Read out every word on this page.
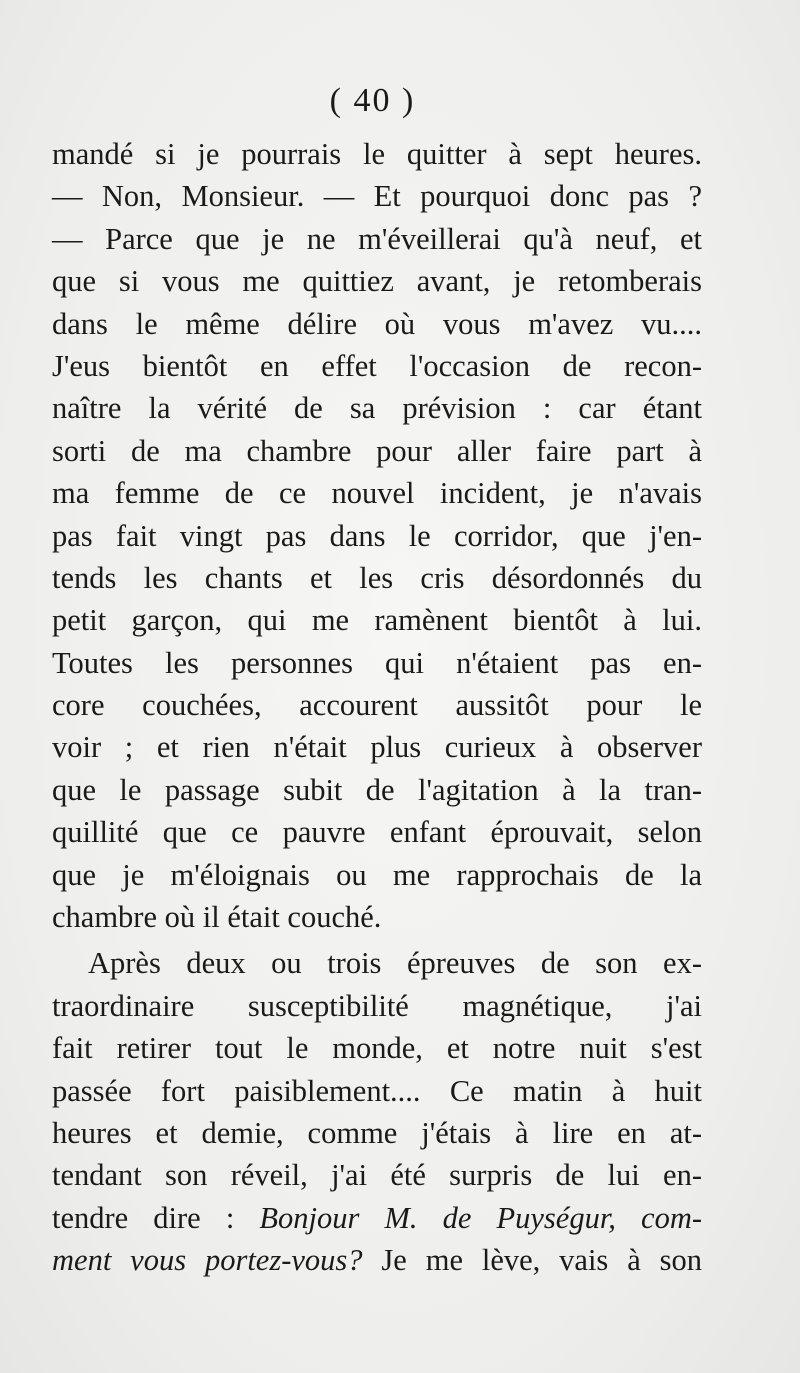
( 40 )
mandé si je pourrais le quitter à sept heures.
— Non, Monsieur. — Et pourquoi donc pas ?
— Parce que je ne m'éveillerai qu'à neuf, et
que si vous me quittiez avant, je retomberais
dans le même délire où vous m'avez vu....
J'eus bientôt en effet l'occasion de recon-
naître la vérité de sa prévision : car étant
sorti de ma chambre pour aller faire part à
ma femme de ce nouvel incident, je n'avais
pas fait vingt pas dans le corridor, que j'en-
tends les chants et les cris désordonnés du
petit garçon, qui me ramènent bientôt à lui.
Toutes les personnes qui n'étaient pas en-
core couchées, accourent aussitôt pour le
voir ; et rien n'était plus curieux à observer
que le passage subit de l'agitation à la tran-
quillité que ce pauvre enfant éprouvait, selon
que je m'éloignais ou me rapprochais de la
chambre où il était couché.
Après deux ou trois épreuves de son ex-
traordinaire susceptibilité magnétique, j'ai
fait retirer tout le monde, et notre nuit s'est
passée fort paisiblement.... Ce matin à huit
heures et demie, comme j'étais à lire en at-
tendant son réveil, j'ai été surpris de lui en-
tendre dire : Bonjour M. de Puységur, com-
ment vous portez-vous? Je me lève, vais à son
